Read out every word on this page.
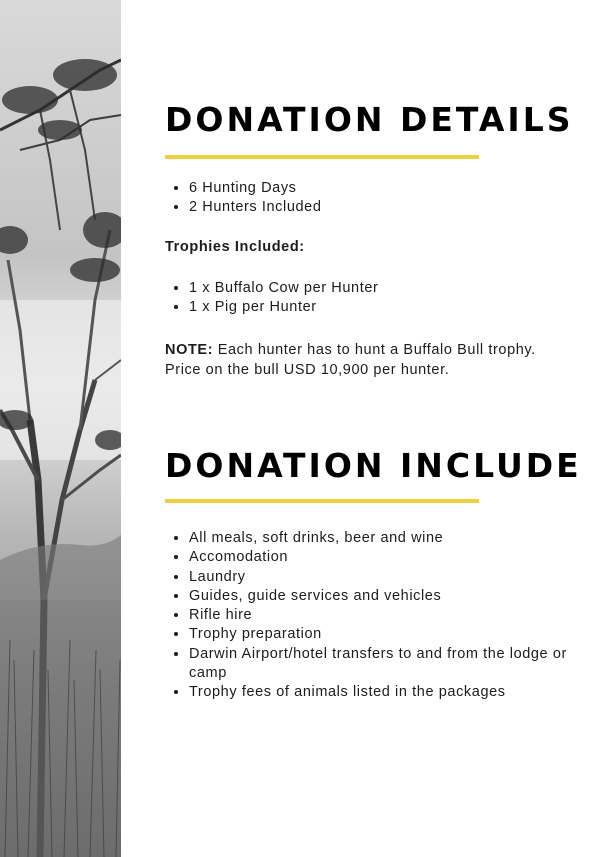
DONATION DETAILS
• 6 Hunting Days
• 2 Hunters Included

Trophies Included:

• 1 x Buffalo Cow per Hunter
• 1 x Pig per Hunter

NOTE: Each hunter has to hunt a Buffalo Bull trophy. Price on the bull USD 10,900 per hunter.

DONATION INCLUDE
• All meals, soft drinks, beer and wine
• Accomodation
• Laundry
• Guides, guide services and vehicles
• Rifle hire
• Trophy preparation
• Darwin Airport/hotel transfers to and from the lodge or camp
• Trophy fees of animals listed in the packages
